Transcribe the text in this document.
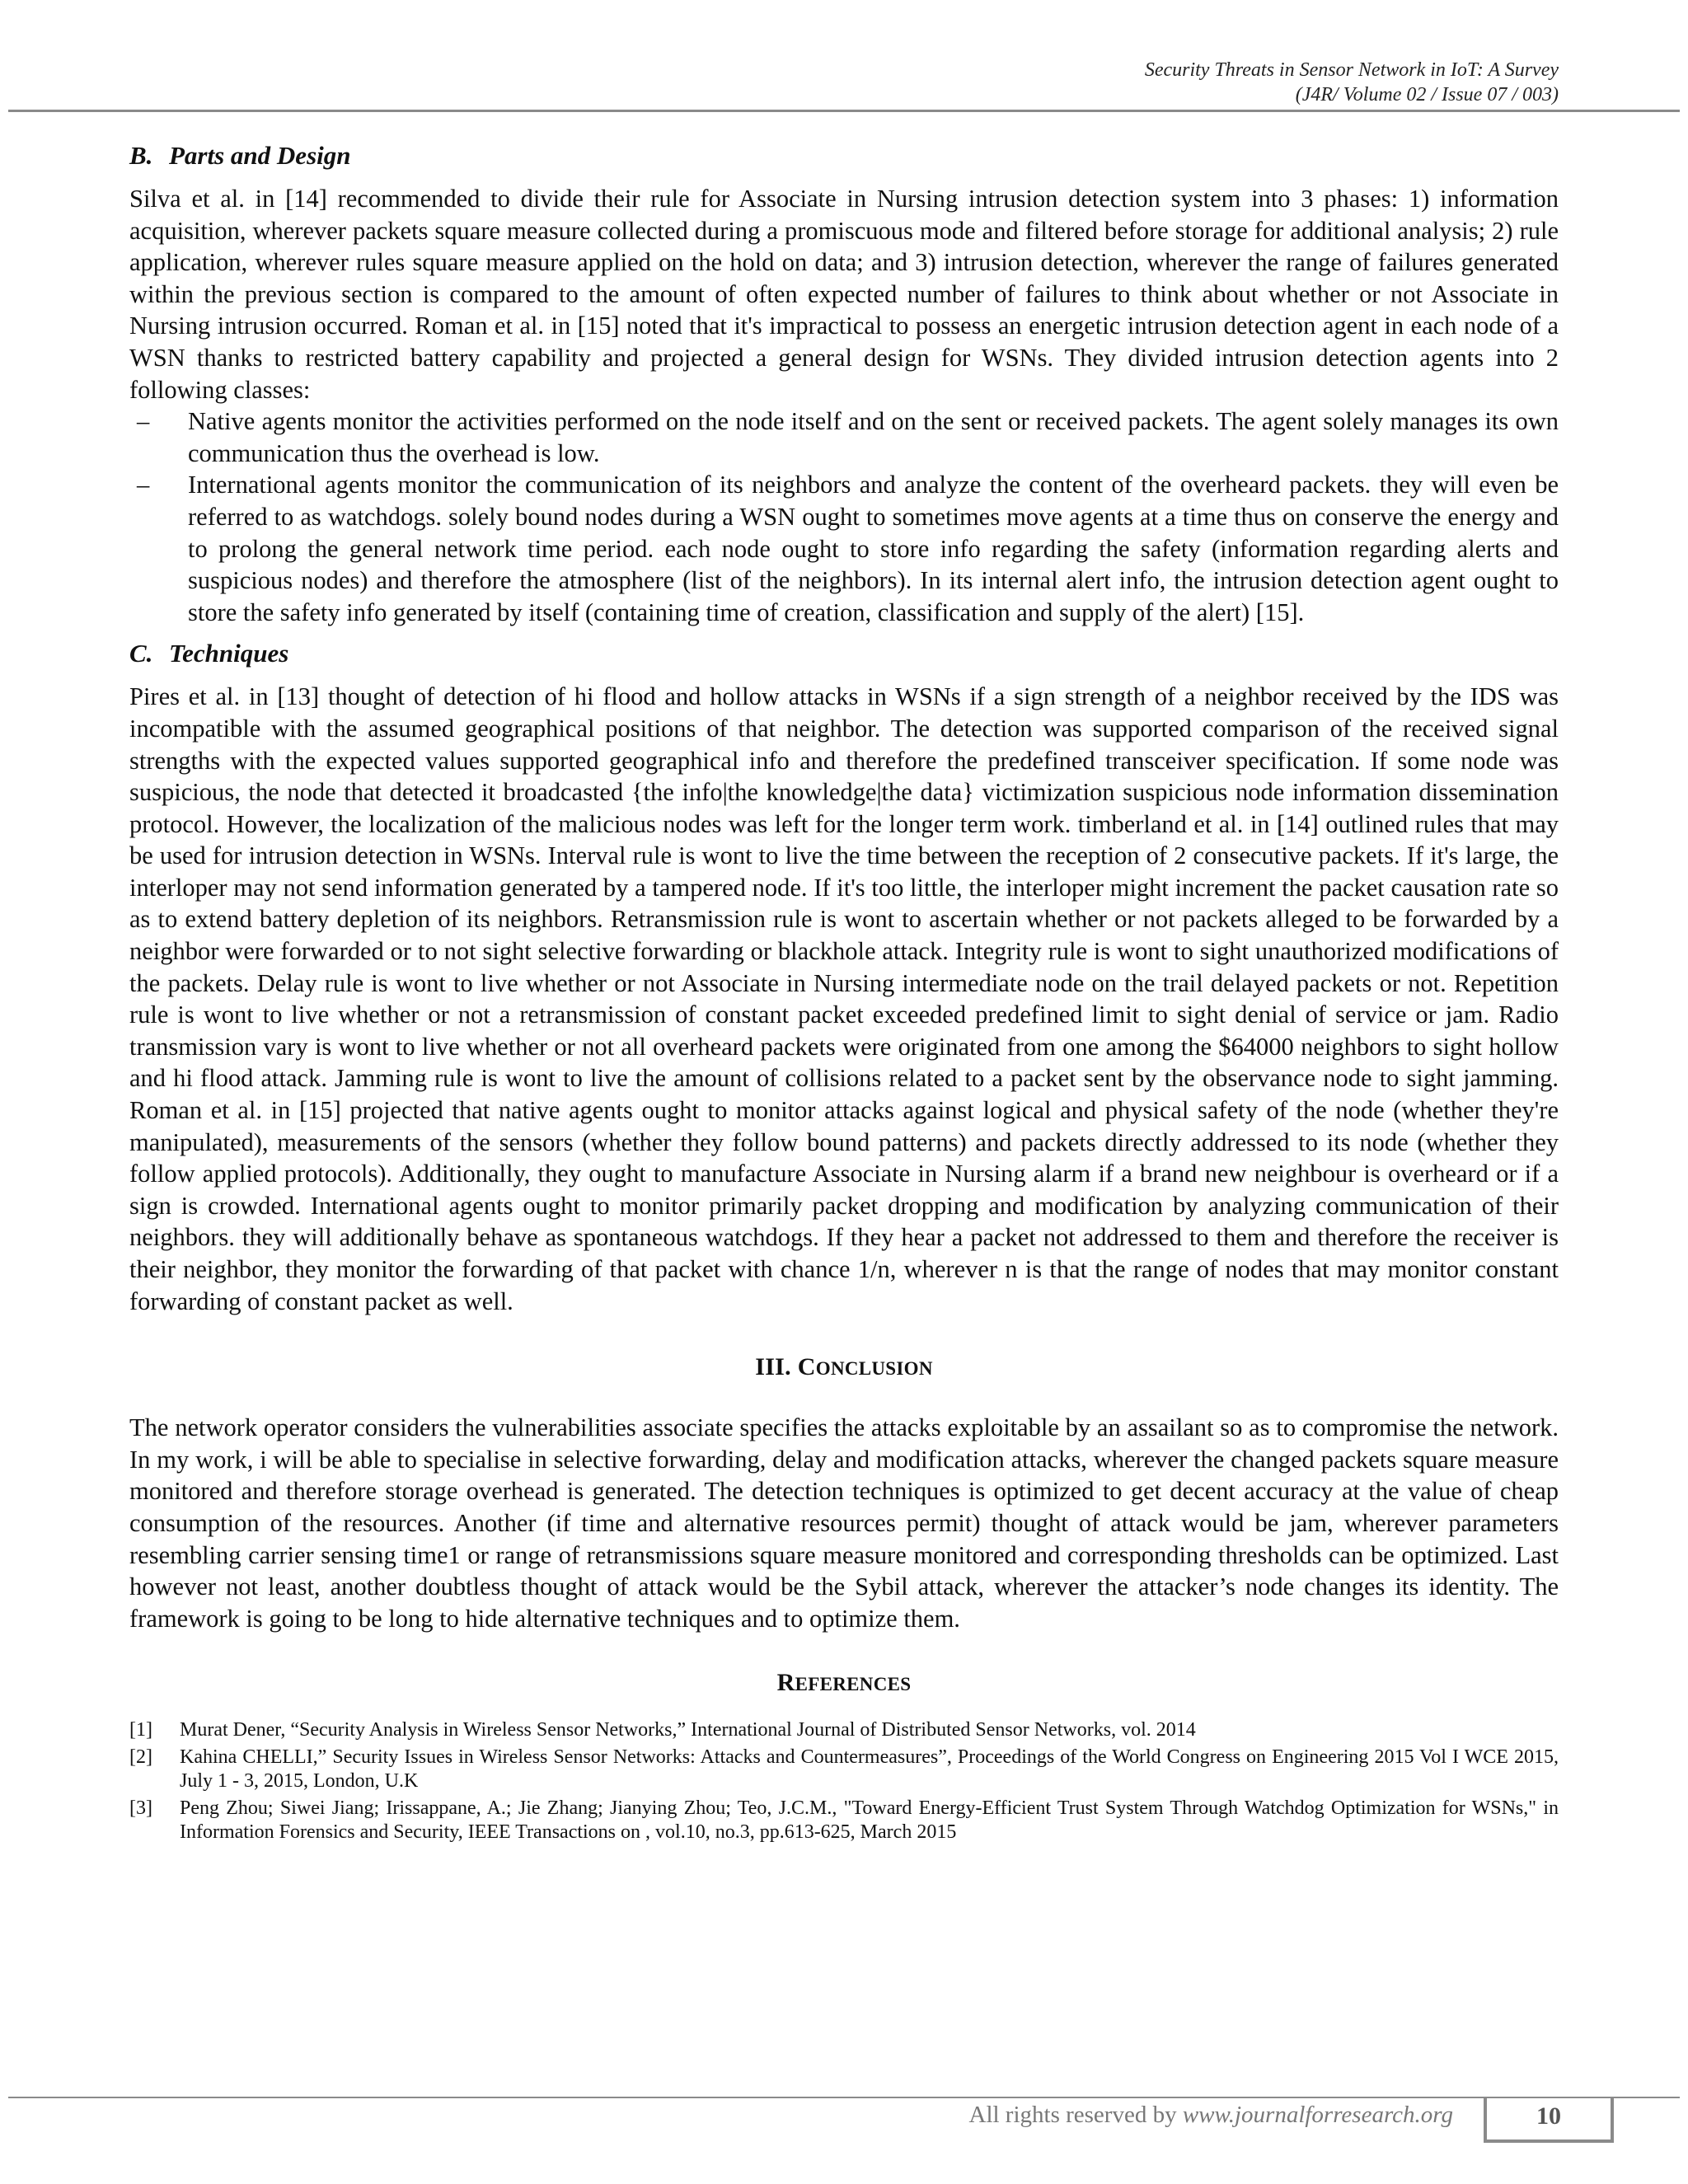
Security Threats in Sensor Network in IoT: A Survey
(J4R/ Volume 02 / Issue 07 / 003)
B. Parts and Design

Silva et al. in [14] recommended to divide their rule for Associate in Nursing intrusion detection system into 3 phases: 1) information acquisition, wherever packets square measure collected during a promiscuous mode and filtered before storage for additional analysis; 2) rule application, wherever rules square measure applied on the hold on data; and 3) intrusion detection, wherever the range of failures generated within the previous section is compared to the amount of often expected number of failures to think about whether or not Associate in Nursing intrusion occurred. Roman et al. in [15] noted that it's impractical to possess an energetic intrusion detection agent in each node of a WSN thanks to restricted battery capability and projected a general design for WSNs. They divided intrusion detection agents into 2 following classes:

– Native agents monitor the activities performed on the node itself and on the sent or received packets. The agent solely manages its own communication thus the overhead is low.
– International agents monitor the communication of its neighbors and analyze the content of the overheard packets. they will even be referred to as watchdogs. solely bound nodes during a WSN ought to sometimes move agents at a time thus on conserve the energy and to prolong the general network time period. each node ought to store info regarding the safety (information regarding alerts and suspicious nodes) and therefore the atmosphere (list of the neighbors). In its internal alert info, the intrusion detection agent ought to store the safety info generated by itself (containing time of creation, classification and supply of the alert) [15].
C. Techniques

Pires et al. in [13] thought of detection of hi flood and hollow attacks in WSNs if a sign strength of a neighbor received by the IDS was incompatible with the assumed geographical positions of that neighbor. The detection was supported comparison of the received signal strengths with the expected values supported geographical info and therefore the predefined transceiver specification. If some node was suspicious, the node that detected it broadcasted {the info|the knowledge|the data} victimization suspicious node information dissemination protocol. However, the localization of the malicious nodes was left for the longer term work. timberland et al. in [14] outlined rules that may be used for intrusion detection in WSNs. Interval rule is wont to live the time between the reception of 2 consecutive packets. If it's large, the interloper may not send information generated by a tampered node. If it's too little, the interloper might increment the packet causation rate so as to extend battery depletion of its neighbors. Retransmission rule is wont to ascertain whether or not packets alleged to be forwarded by a neighbor were forwarded or to not sight selective forwarding or blackhole attack. Integrity rule is wont to sight unauthorized modifications of the packets. Delay rule is wont to live whether or not Associate in Nursing intermediate node on the trail delayed packets or not. Repetition rule is wont to live whether or not a retransmission of constant packet exceeded predefined limit to sight denial of service or jam. Radio transmission vary is wont to live whether or not all overheard packets were originated from one among the $64000 neighbors to sight hollow and hi flood attack. Jamming rule is wont to live the amount of collisions related to a packet sent by the observance node to sight jamming. Roman et al. in [15] projected that native agents ought to monitor attacks against logical and physical safety of the node (whether they're manipulated), measurements of the sensors (whether they follow bound patterns) and packets directly addressed to its node (whether they follow applied protocols). Additionally, they ought to manufacture Associate in Nursing alarm if a brand new neighbour is overheard or if a sign is crowded. International agents ought to monitor primarily packet dropping and modification by analyzing communication of their neighbors. they will additionally behave as spontaneous watchdogs. If they hear a packet not addressed to them and therefore the receiver is their neighbor, they monitor the forwarding of that packet with chance 1/n, wherever n is that the range of nodes that may monitor constant forwarding of constant packet as well.

III. CONCLUSION

The network operator considers the vulnerabilities associate specifies the attacks exploitable by an assailant so as to compromise the network. In my work, i will be able to specialise in selective forwarding, delay and modification attacks, wherever the changed packets square measure monitored and therefore storage overhead is generated. The detection techniques is optimized to get decent accuracy at the value of cheap consumption of the resources. Another (if time and alternative resources permit) thought of attack would be jam, wherever parameters resembling carrier sensing time1 or range of retransmissions square measure monitored and corresponding thresholds can be optimized. Last however not least, another doubtless thought of attack would be the Sybil attack, wherever the attacker’s node changes its identity. The framework is going to be long to hide alternative techniques and to optimize them.

REFERENCES
[1] Murat Dener, “Security Analysis in Wireless Sensor Networks,” International Journal of Distributed Sensor Networks, vol. 2014
[2] Kahina CHELLI,” Security Issues in Wireless Sensor Networks: Attacks and Countermeasures”, Proceedings of the World Congress on Engineering 2015 Vol I WCE 2015, July 1 - 3, 2015, London, U.K
[3] Peng Zhou; Siwei Jiang; Irissappane, A.; Jie Zhang; Jianying Zhou; Teo, J.C.M., "Toward Energy-Efficient Trust System Through Watchdog Optimization for WSNs," in Information Forensics and Security, IEEE Transactions on , vol.10, no.3, pp.613-625, March 2015
All rights reserved by www.journalforresearch.org	10
